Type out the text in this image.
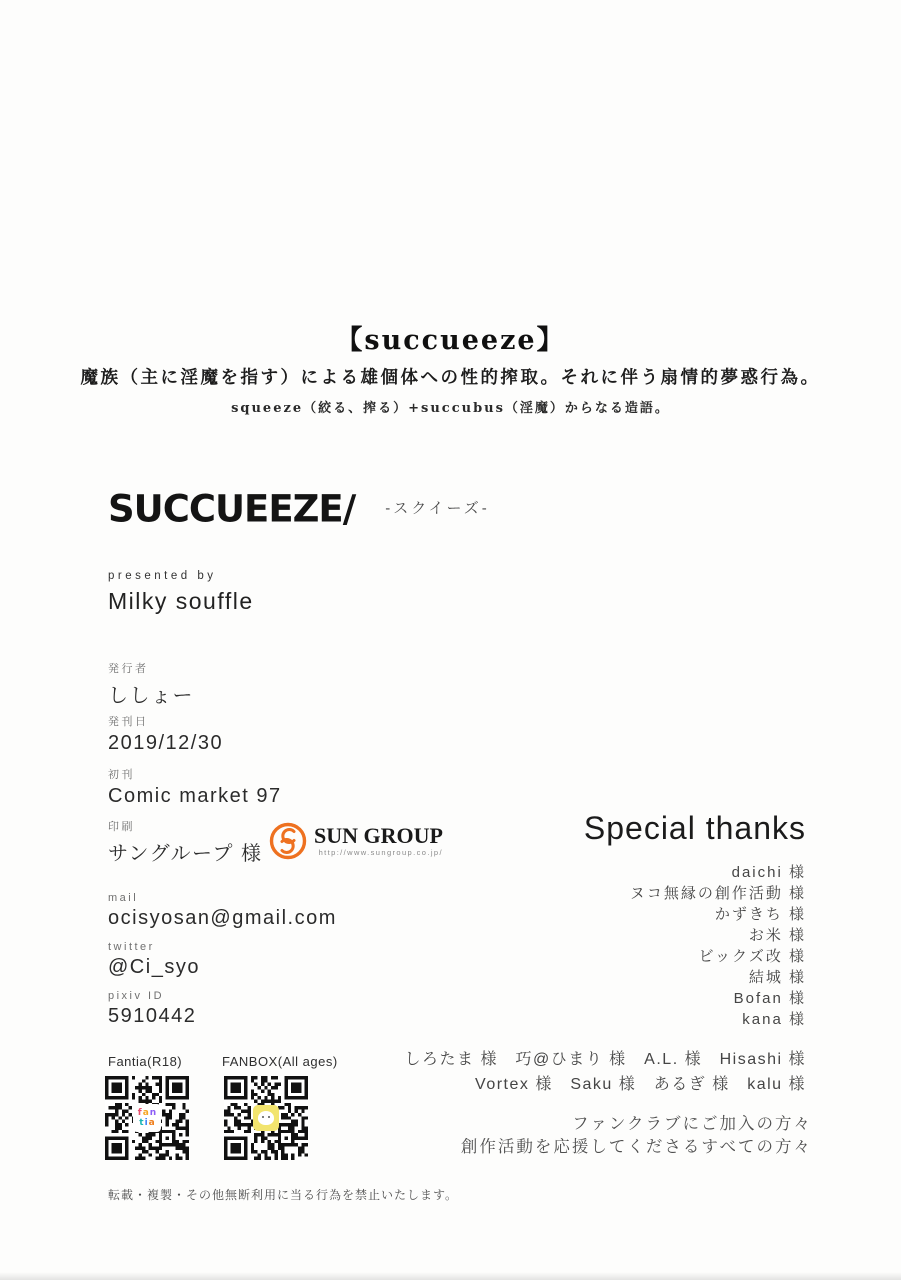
【succueeze】
魔族（主に淫魔を指す）による雄個体への性的搾取。それに伴う扇情的夢惑行為。
squeeze（絞る、搾る）+succubus（淫魔）からなる造語。
SUCCUEEZE/ -スクイーズ-
presented by
Milky souffle
発行者
ししょー
発刊日
2019/12/30
初刊
Comic market 97
印刷
サングループ 様
mail
ocisyosan@gmail.com
twitter
@Ci_syo
pixiv ID
5910442
SUN GROUP
http://www.sungroup.co.jp/
Fantia(R18)	FANBOX(All ages)
fan
tia
Special thanks
daichi 様
ヌコ無縁の創作活動 様
かずきち 様
お米 様
ビックズ改 様
結城 様
Bofan 様
kana 様
しろたま 様　巧@ひまり 様　A.L. 様　Hisashi 様
Vortex 様　Saku 様　あるぎ 様　kalu 様
ファンクラブにご加入の方々
創作活動を応援してくださるすべての方々
転載・複製・その他無断利用に当る行為を禁止いたします。
